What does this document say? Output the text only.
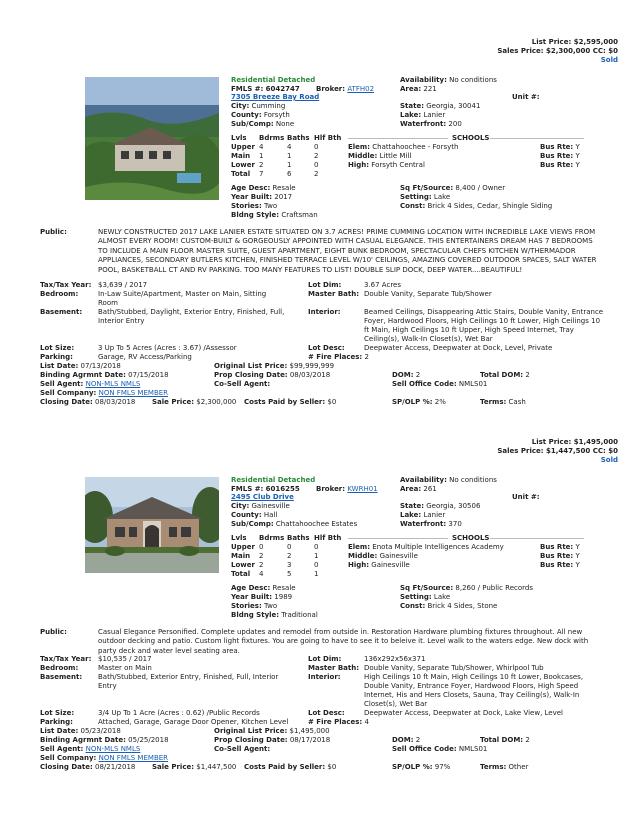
List Price: $2,595,000
Sales Price: $2,300,000 CC: $0
Sold
Residential Detached
FMLS #: 6042747 Broker: ATFH02
7305 Breeze Bay Road
City: Cumming
County: Forsyth
Sub/Comp: None
Availability: No conditions
Area: 221
Unit #:
State: Georgia, 30041
Lake: Lanier
Waterfront: 200
Lvls Bdrms Baths Hlf Bth	SCHOOLS
Upper 4	4	0
Main 1	1	2
Lower 2	1	0
Total 7	6	2
Elem: Chattahoochee - Forsyth	Bus Rte: Y
Middle: Little Mill	Bus Rte: Y
High: Forsyth Central	Bus Rte: Y
Age Desc: Resale
Year Built: 2017
Stories: Two
Bldng Style: Craftsman
Sq Ft/Source: 8,400 / Owner
Setting: Lake
Const: Brick 4 Sides, Cedar, Shingle Siding
Public:	NEWLY CONSTRUCTED 2017 LAKE LANIER ESTATE SITUATED ON 3.7 ACRES! PRIME CUMMING LOCATION WITH INCREDIBLE LAKE VIEWS FROM ALMOST EVERY ROOM! CUSTOM-BUILT & GORGEOUSLY APPOINTED WITH CASUAL ELEGANCE. THIS ENTERTAINERS DREAM HAS 7 BEDROOMS TO INCLUDE A MAIN FLOOR MASTER SUITE, GUEST APARTMENT, EIGHT BUNK BEDROOM, SPECTACULAR CHEFS KITCHEN W/THERMADOR APPLIANCES, SECONDARY BUTLERS KITCHEN, FINISHED TERRACE LEVEL W/10' CEILINGS, AMAZING COVERED OUTDOOR SPACES, SALT WATER POOL, BASKETBALL CT AND RV PARKING. TOO MANY FEATURES TO LIST! DOUBLE SLIP DOCK, DEEP WATER....BEAUTIFUL!
Tax/Tax Year: $3,639 / 2017	Lot Dim:	3.67 Acres
Bedroom:	In-Law Suite/Apartment, Master on Main, Sitting Room
Master Bath: Double Vanity, Separate Tub/Shower
Basement: Bath/Stubbed, Daylight, Exterior Entry, Finished, Full, Interior Entry
Interior:	Beamed Ceilings, Disappearing Attic Stairs, Double Vanity, Entrance Foyer, Hardwood Floors, High Ceilings 10 ft Lower, High Ceilings 10 ft Main, High Ceilings 10 ft Upper, High Speed Internet, Tray Ceiling(s), Walk-In Closet(s), Wet Bar
Lot Size:	3 Up To 5 Acres (Acres : 3.67) /Assessor	Lot Desc:	Deepwater Access, Deepwater at Dock, Level, Private
Parking:	Garage, RV Access/Parking	# Fire Places: 2
List Date: 07/13/2018	Original List Price: $99,999,999
Binding Agrmnt Date: 07/15/2018	Prop Closing Date: 08/03/2018	DOM: 2	Total DOM: 2
Sell Agent: NON-MLS NMLS	Co-Sell Agent:	Sell Office Code: NMLS01
Sell Company: NON FMLS MEMBER
Closing Date: 08/03/2018 Sale Price: $2,300,000 Costs Paid by Seller: $0	SP/OLP %: 2%	Terms: Cash
List Price: $1,495,000
Sales Price: $1,447,500 CC: $0
Sold
Residential Detached
FMLS #: 6016255 Broker: KWRH01
2495 Club Drive
City: Gainesville
County: Hall
Sub/Comp: Chattahoochee Estates
Availability: No conditions
Area: 261
Unit #:
State: Georgia, 30506
Lake: Lanier
Waterfront: 370
Lvls Bdrms Baths Hlf Bth	SCHOOLS
Upper 0	0	0
Main 2	2	1
Lower 2	3	0
Total 4	5	1
Elem: Enota Multiple Intelligences Academy	Bus Rte: Y
Middle: Gainesville	Bus Rte: Y
High: Gainesville	Bus Rte: Y
Age Desc: Resale
Year Built: 1989
Stories: Two
Bldng Style: Traditional
Sq Ft/Source: 8,260 / Public Records
Setting: Lake
Const: Brick 4 Sides, Stone
Public:	Casual Elegance Personified. Complete updates and remodel from outside in. Restoration Hardware plumbing fixtures throughout. All new outdoor decking and patio. Custom light fixtures. You are going to have to see it to beleive it. Level walk to the waters edge. New dock with party deck and water level seating area.
Tax/Tax Year: $10,535 / 2017	Lot Dim:	136x292x56x371
Bedroom:	Master on Main	Master Bath: Double Vanity, Separate Tub/Shower, Whirlpool Tub
Basement: Bath/Stubbed, Exterior Entry, Finished, Full, Interior Entry
Interior:	High Ceilings 10 ft Main, High Ceilings 10 ft Lower, Bookcases, Double Vanity, Entrance Foyer, Hardwood Floors, High Speed Internet, His and Hers Closets, Sauna, Tray Ceiling(s), Walk-In Closet(s), Wet Bar
Lot Size:	3/4 Up To 1 Acre (Acres : 0.62) /Public Records	Lot Desc:	Deepwater Access, Deepwater at Dock, Lake View, Level
Parking:	Attached, Garage, Garage Door Opener, Kitchen Level	# Fire Places: 4
List Date: 05/23/2018	Original List Price: $1,495,000
Binding Agrmnt Date: 05/25/2018	Prop Closing Date: 08/17/2018	DOM: 2	Total DOM: 2
Sell Agent: NON-MLS NMLS	Co-Sell Agent:	Sell Office Code: NMLS01
Sell Company: NON FMLS MEMBER
Closing Date: 08/21/2018 Sale Price: $1,447,500 Costs Paid by Seller: $0	SP/OLP %: 97%	Terms: Other
